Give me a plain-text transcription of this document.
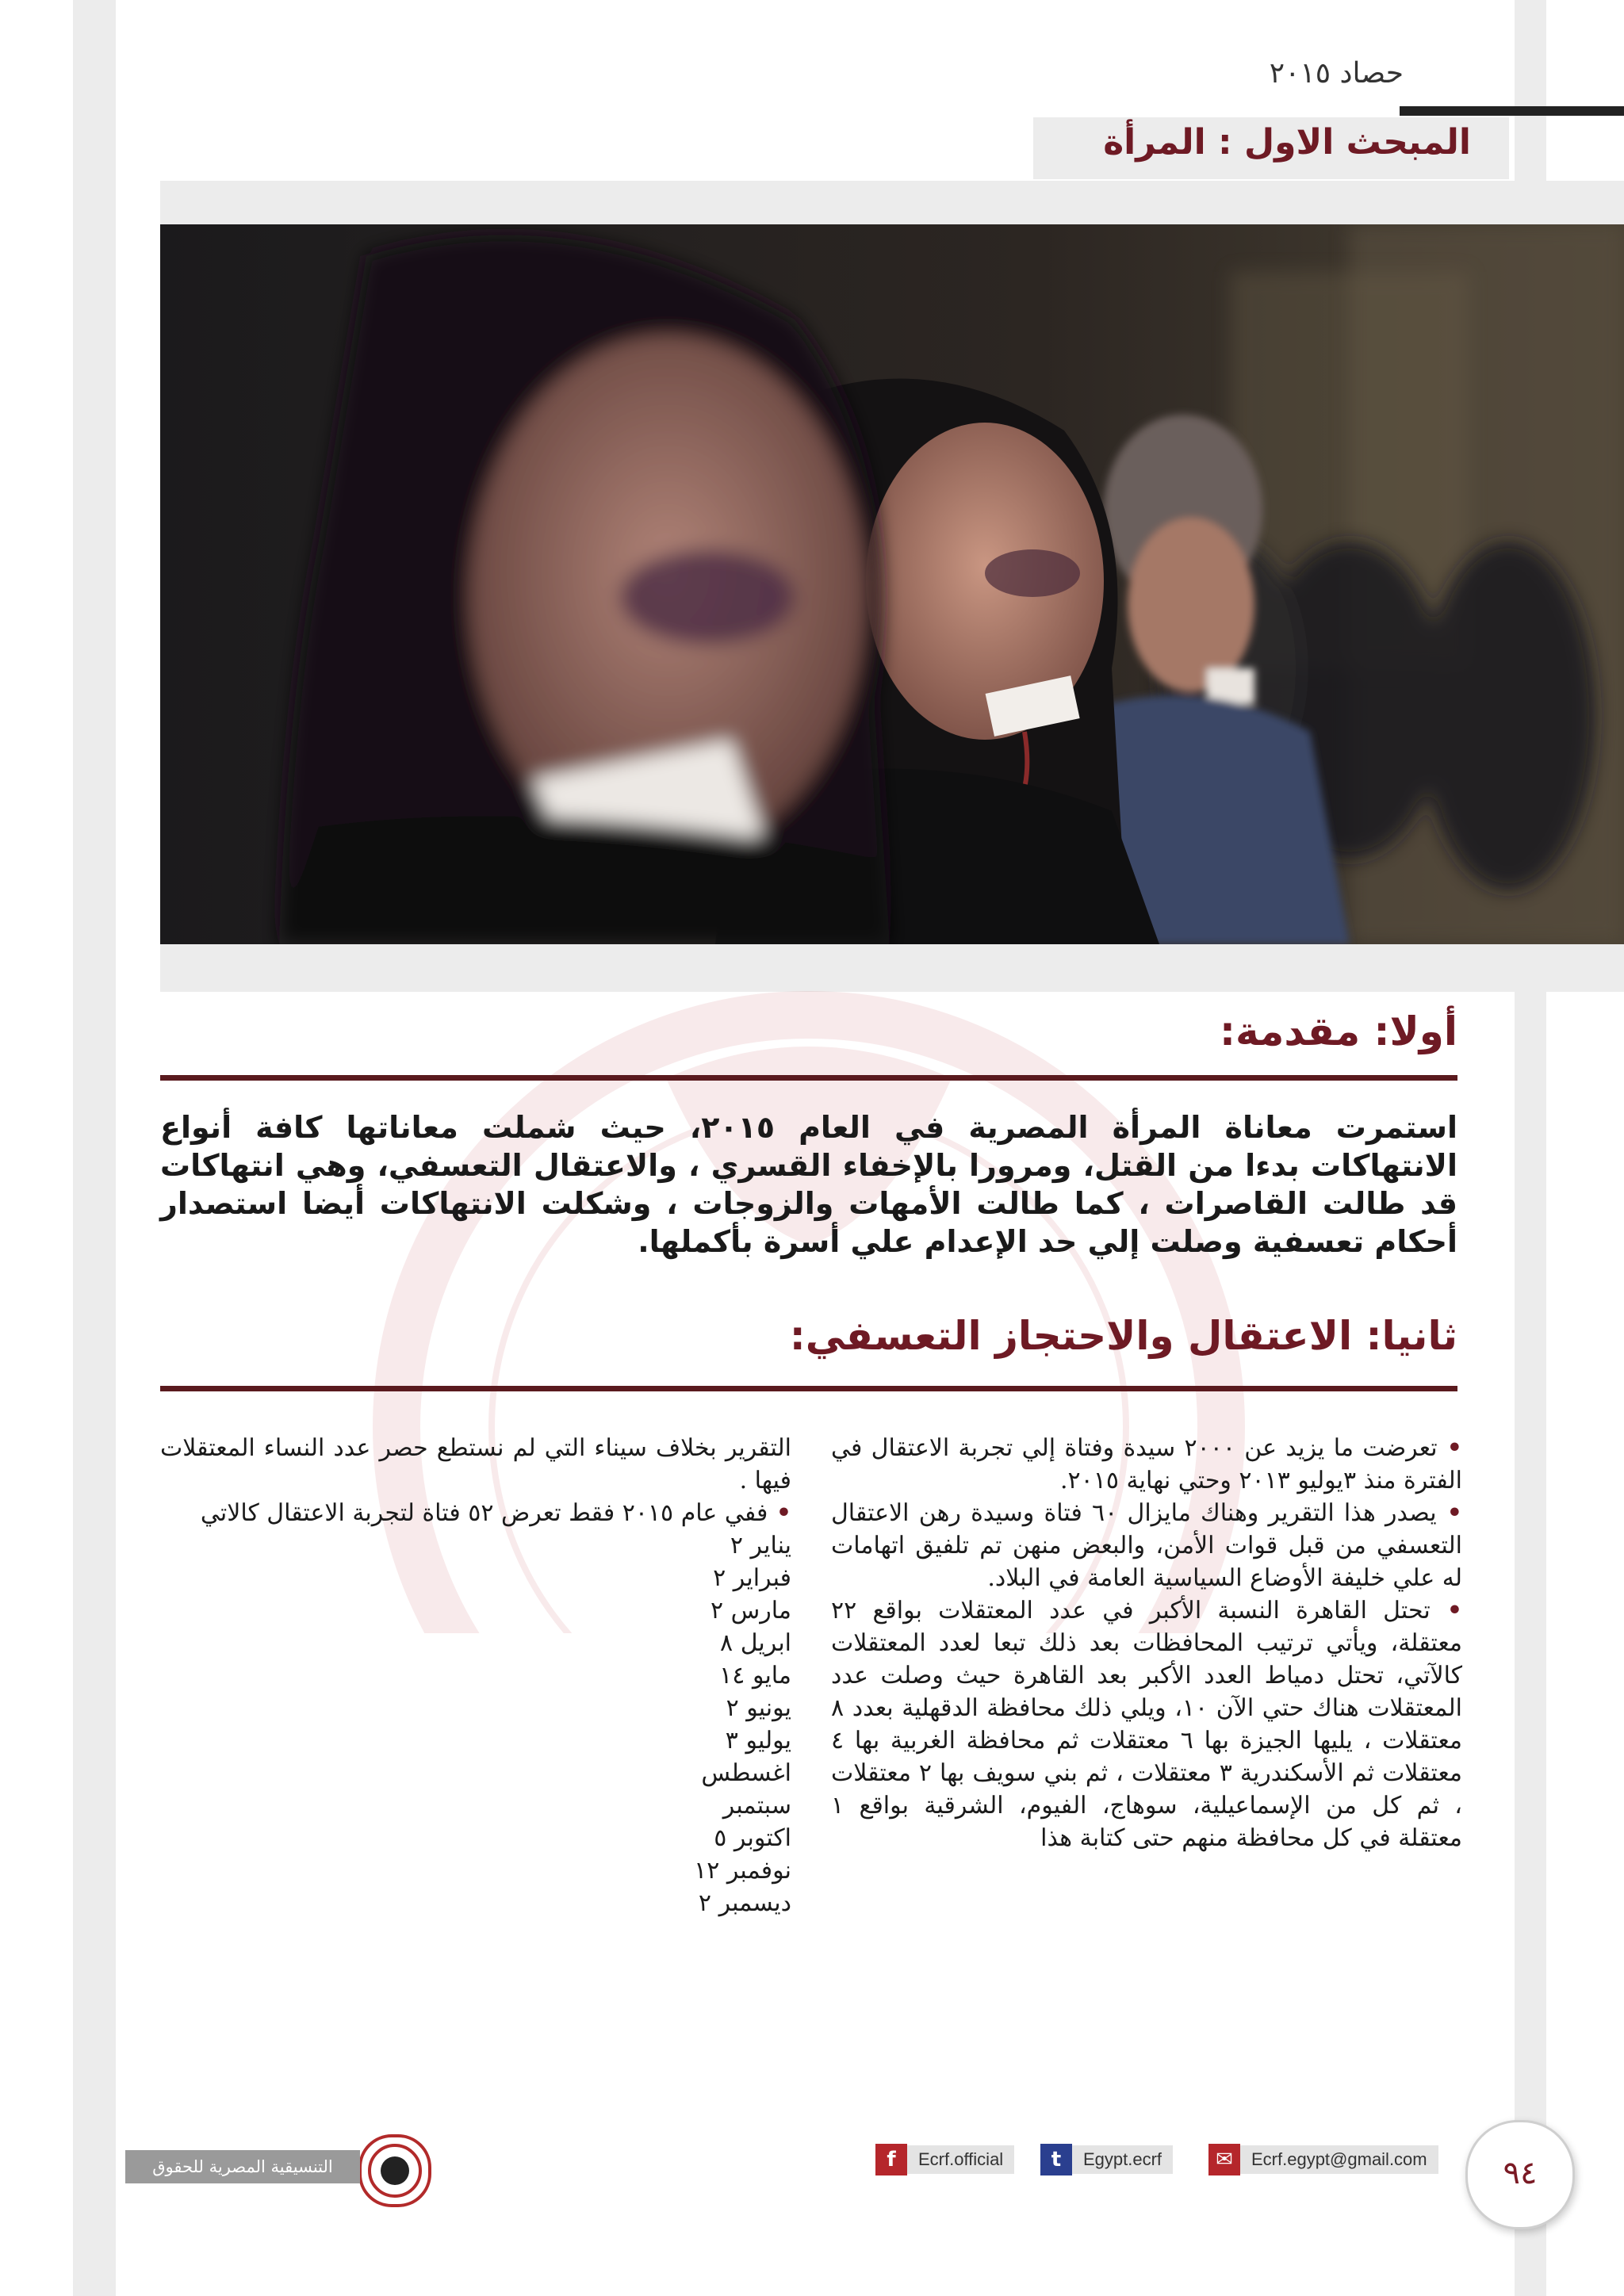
حصاد ٢٠١٥
المبحث الاول : المرأة
أولا: مقدمة:
استمرت معاناة المرأة المصرية في العام ٢٠١٥، حيث شملت معاناتها كافة أنواع الانتهاكات بدءا من القتل، ومرورا بالإخفاء القسري ، والاعتقال التعسفي، وهي انتهاكات قد طالت القاصرات ، كما طالت الأمهات والزوجات ، وشكلت الانتهاكات أيضا استصدار أحكام تعسفية وصلت إلي حد الإعدام علي أسرة بأكملها.
ثانيا: الاعتقال والاحتجاز التعسفي:

• تعرضت ما يزيد عن ٢٠٠٠ سيدة وفتاة إلي تجربة الاعتقال في الفترة منذ ٣يوليو ٢٠١٣ وحتي نهاية ٢٠١٥.

• يصدر هذا التقرير وهناك مايزال ٦٠ فتاة وسيدة رهن الاعتقال التعسفي من قبل قوات الأمن، والبعض منهن تم تلفيق اتهامات له علي خليفة الأوضاع السياسية العامة في البلاد.

• تحتل القاهرة النسبة الأكبر في عدد المعتقلات بواقع ٢٢ معتقلة، ويأتي ترتيب المحافظات بعد ذلك تبعا لعدد المعتقلات كالآتي، تحتل دمياط العدد الأكبر بعد القاهرة حيث وصلت عدد المعتقلات هناك حتي الآن ١٠، ويلي ذلك محافظة الدقهلية بعدد ٨ معتقلات ، يليها الجيزة بها ٦ معتقلات ثم محافظة الغربية بها ٤ معتقلات ثم الأسكندرية ٣ معتقلات ، ثم بني سويف بها ٢ معتقلات ، ثم كل من الإسماعيلية، سوهاج، الفيوم، الشرقية بواقع ١ معتقلة في كل محافظة منهم حتى كتابة هذا

التقرير بخلاف سيناء التي لم نستطع حصر عدد النساء المعتقلات فيها .

• ففي عام ٢٠١٥ فقط تعرض ٥٢ فتاة لتجربة الاعتقال كالاتي

يناير ٢
فبراير ٢
مارس ٢
ابريل ٨
مايو ١٤
يونيو ٢
يوليو ٣
اغسطس
سبتمبر
اكتوبر ٥
نوفمبر ١٢
ديسمبر ٢
٩٤
✉	Ecrf.egypt@gmail.com
t	Egypt.ecrf
f	Ecrf.official
التنسيقية المصرية للحقوق والحريات
